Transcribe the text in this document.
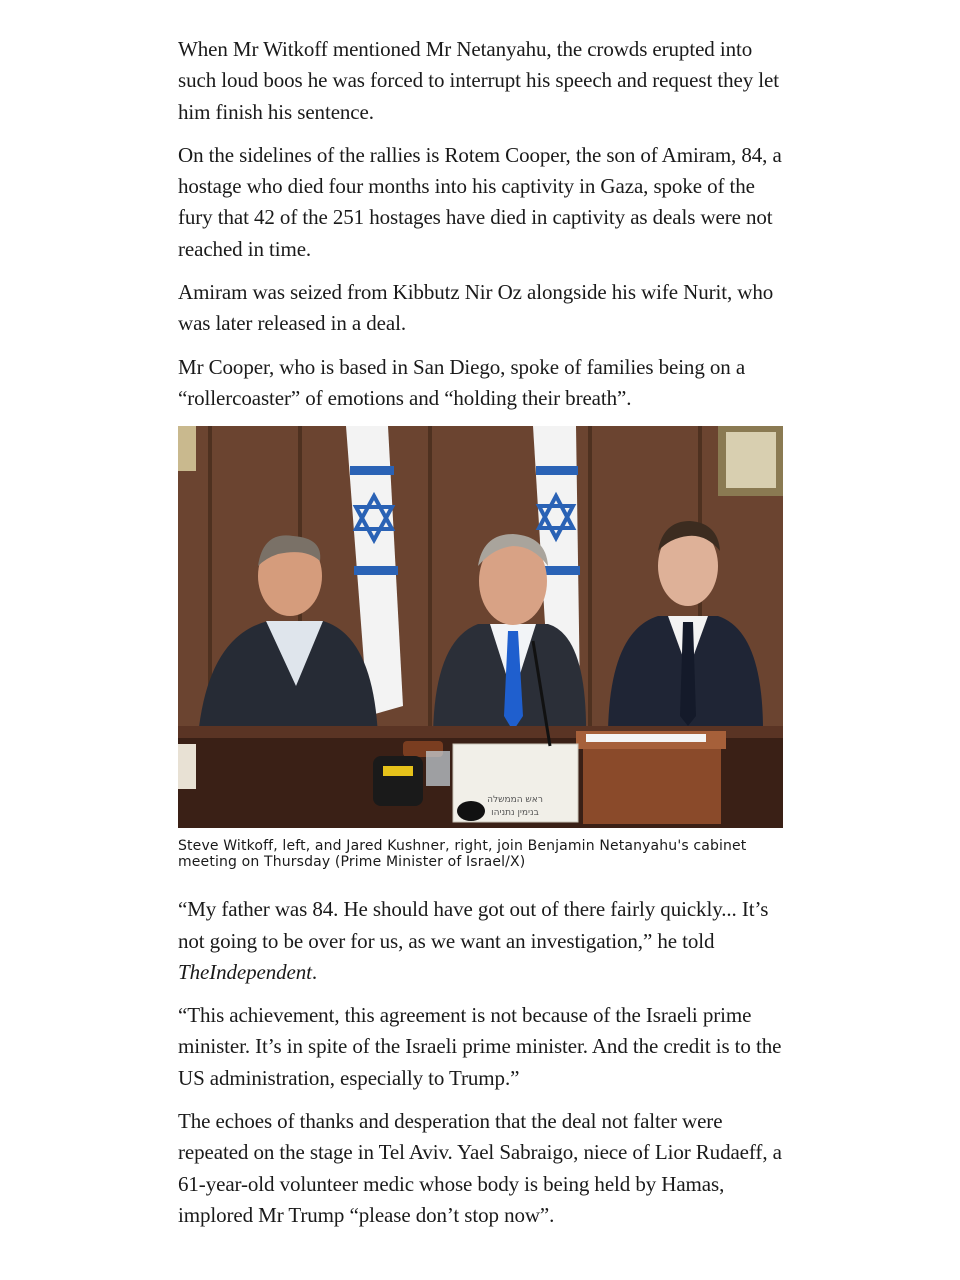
When Mr Witkoff mentioned Mr Netanyahu, the crowds erupted into such loud boos he was forced to interrupt his speech and request they let him finish his sentence.

On the sidelines of the rallies is Rotem Cooper, the son of Amiram, 84, a hostage who died four months into his captivity in Gaza, spoke of the fury that 42 of the 251 hostages have died in captivity as deals were not reached in time.

Amiram was seized from Kibbutz Nir Oz alongside his wife Nurit, who was later released in a deal.

Mr Cooper, who is based in San Diego, spoke of families being on a “rollercoaster” of emotions and “holding their breath”.

ראש הממשלה
בנימין נתניהו
Steve Witkoff, left, and Jared Kushner, right, join Benjamin Netanyahu's cabinet meeting on Thursday (Prime Minister of Israel/X)

“My father was 84. He should have got out of there fairly quickly... It’s not going to be over for us, as we want an investigation,” he told TheIndependent.

“This achievement, this agreement is not because of the Israeli prime minister. It’s in spite of the Israeli prime minister. And the credit is to the US administration, especially to Trump.”

The echoes of thanks and desperation that the deal not falter were repeated on the stage in Tel Aviv. Yael Sabraigo, niece of Lior Rudaeff, a 61-year-old volunteer medic whose body is being held by Hamas, implored Mr Trump “please don’t stop now”.
